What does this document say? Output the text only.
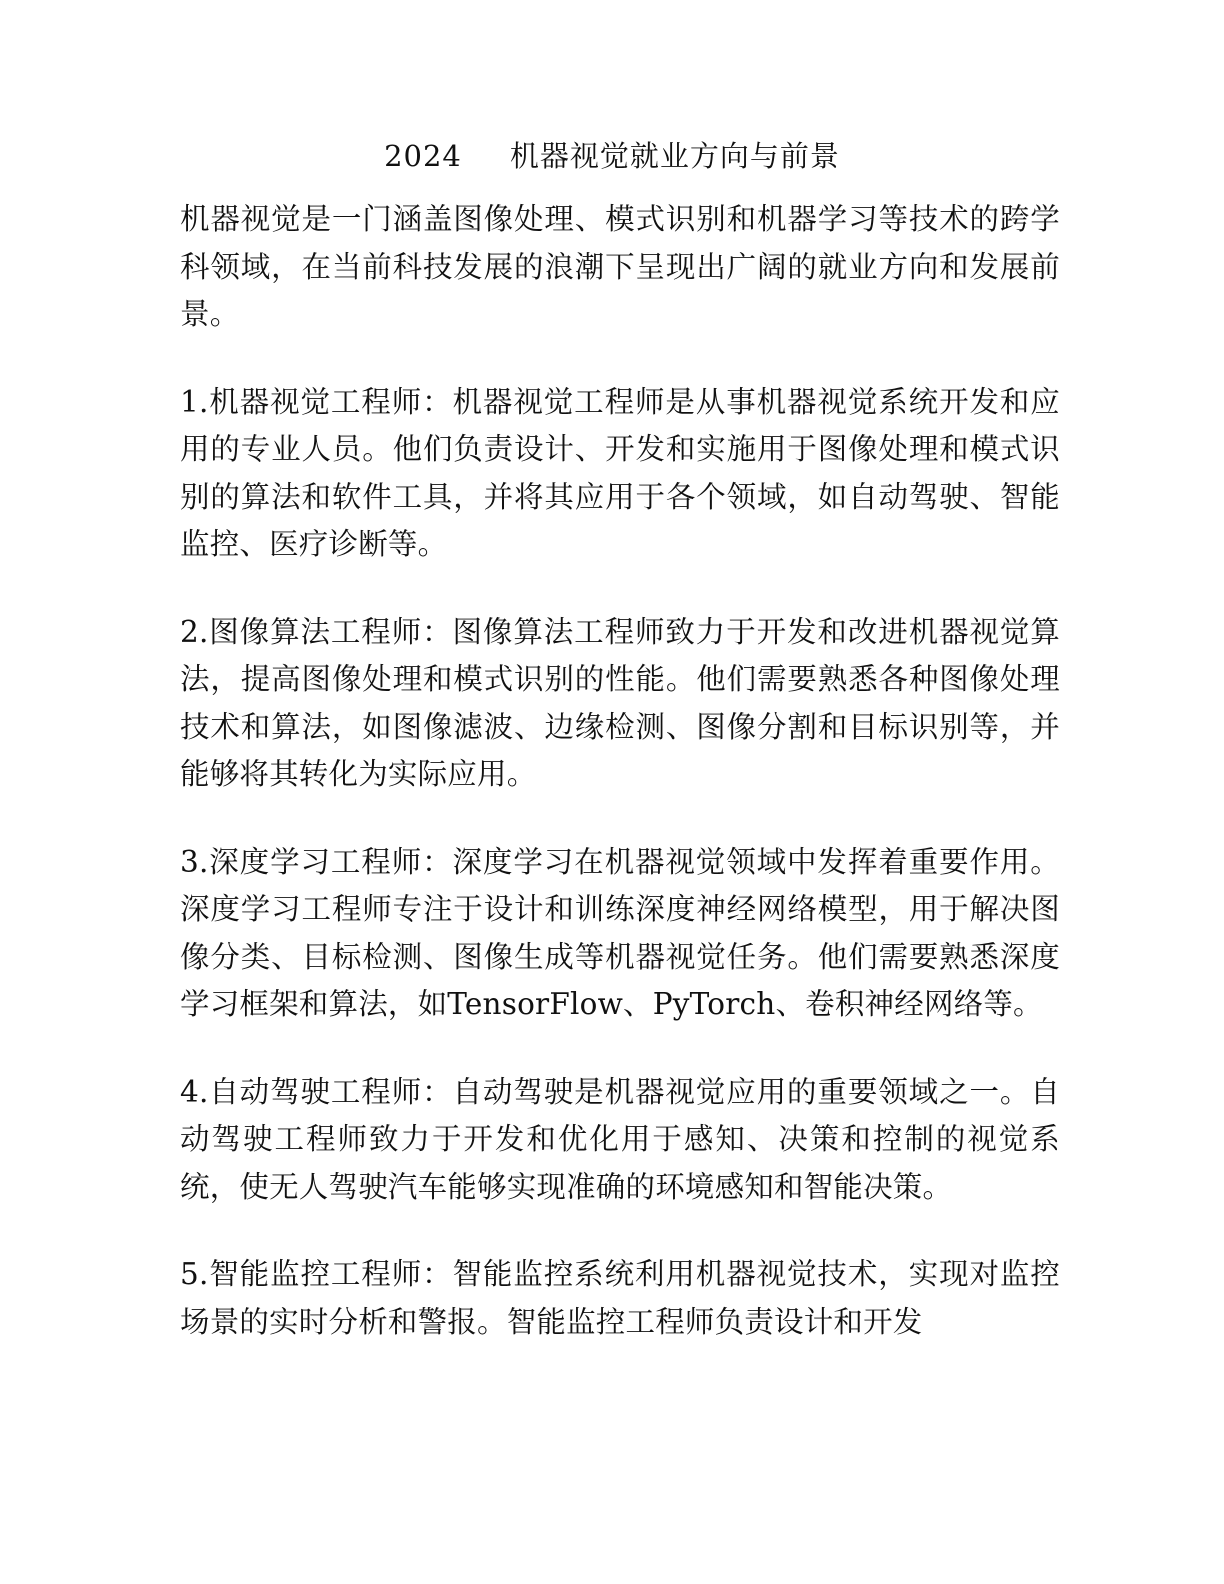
2024 机器视觉就业方向与前景

机器视觉是一门涵盖图像处理、模式识别和机器学习等技术的跨学科领域，在当前科技发展的浪潮下呈现出广阔的就业方向和发展前景。

1.机器视觉工程师：机器视觉工程师是从事机器视觉系统开发和应用的专业人员。他们负责设计、开发和实施用于图像处理和模式识别的算法和软件工具，并将其应用于各个领域，如自动驾驶、智能监控、医疗诊断等。

2.图像算法工程师：图像算法工程师致力于开发和改进机器视觉算法，提高图像处理和模式识别的性能。他们需要熟悉各种图像处理技术和算法，如图像滤波、边缘检测、图像分割和目标识别等，并能够将其转化为实际应用。

3.深度学习工程师：深度学习在机器视觉领域中发挥着重要作用。深度学习工程师专注于设计和训练深度神经网络模型，用于解决图像分类、目标检测、图像生成等机器视觉任务。他们需要熟悉深度学习框架和算法，如TensorFlow、PyTorch、卷积神经网络等。

4.自动驾驶工程师：自动驾驶是机器视觉应用的重要领域之一。自动驾驶工程师致力于开发和优化用于感知、决策和控制的视觉系统，使无人驾驶汽车能够实现准确的环境感知和智能决策。

5.智能监控工程师：智能监控系统利用机器视觉技术，实现对监控场景的实时分析和警报。智能监控工程师负责设计和开发
